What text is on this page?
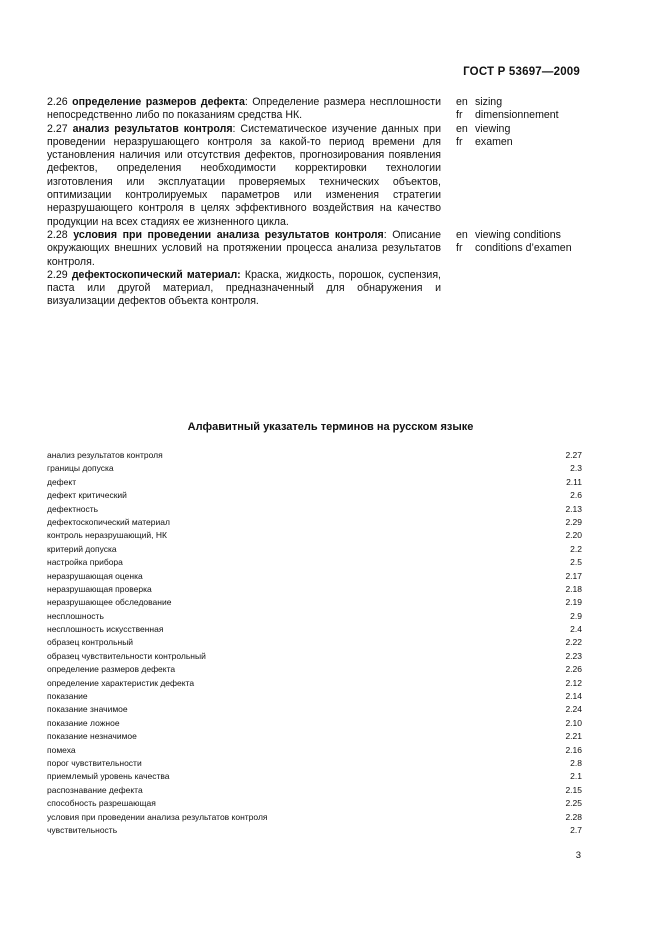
ГОСТ Р 53697—2009
2.26 определение размеров дефекта: Определение размера несплошности непосредственно либо по показаниям средства НК.
en sizing
fr	dimensionnement
2.27 анализ результатов контроля: Систематическое изучение данных при проведении неразрушающего контроля за какой-то период времени для установления наличия или отсутствия дефектов, прогнозирования появления дефектов, определения необходимости корректировки технологии изготовления или эксплуатации проверяемых технических объектов, оптимизации контролируемых параметров или изменения стратегии неразрушающего контроля в целях эффективного воздействия на качество продукции на всех стадиях ее жизненного цикла.
en viewing
fr	examen
2.28 условия при проведении анализа результатов контроля: Описание окружающих внешних условий на протяжении процесса анализа результатов контроля.
en viewing conditions
fr	conditions d’examen
2.29 дефектоскопический материал: Краска, жидкость, порошок, суспензия, паста или другой материал, предназначенный для обнаружения и визуализации дефектов объекта контроля.
Алфавитный указатель терминов на русском языке
анализ результатов контроля	2.27
границы допуска	2.3
дефект	2.11
дефект критический	2.6
дефектность	2.13
дефектоскопический материал	2.29
контроль неразрушающий, НК	2.20
критерий допуска	2.2
настройка прибора	2.5
неразрушающая оценка	2.17
неразрушающая проверка	2.18
неразрушающее обследование	2.19
несплошность	2.9
несплошность искусственная	2.4
образец контрольный	2.22
образец чувствительности контрольный	2.23
определение размеров дефекта	2.26
определение характеристик дефекта	2.12
показание	2.14
показание значимое	2.24
показание ложное	2.10
показание незначимое	2.21
помеха	2.16
порог чувствительности	2.8
приемлемый уровень качества	2.1
распознавание дефекта	2.15
способность разрешающая	2.25
условия при проведении анализа результатов контроля	2.28
чувствительность	2.7
3
